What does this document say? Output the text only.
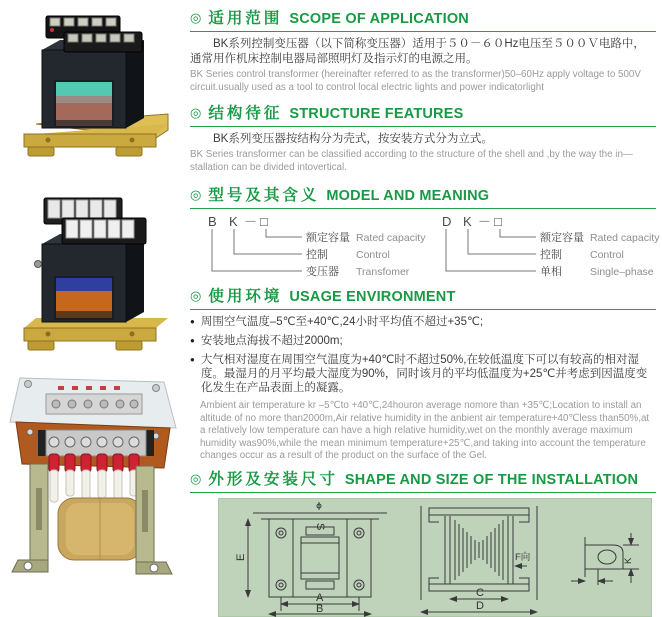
◎ 适用范围 SCOPE OF APPLICATION

BK系列控制变压器（以下简称变压器）适用于５０－６０Hz电压至５００Ｖ电路中，通常用作机床控制电器局部照明灯及指示灯的电源之用。

BK Series control transformer (hereinafter referred to as the transformer)50–60Hz apply voltage to 500V circuit.usually used as a tool to control local electric lights and power indicatorlight

◎ 结构待征 STRUCTURE FEATURES

BK系列变压器按结构分为壳式，按安装方式分为立式。

BK Series transformer can be classified according to the structure of the shell and ,by the way the in—stallation can be divided intovertical.

◎ 型号及其含义 MODEL AND MEANING
B K － □
额定容量 Rated capacity
控制	Control
变压器 Transfomer
D K － □
额定容量 Rated capacity
控制	Control
单相	Single–phase
◎ 使用环境 USAGE ENVIRONMENT
● 周围空气温度–5℃至+40℃,24小时平均值不超过+35℃;
● 安装地点海拔不超过2000m;
● 大气相对湿度在周围空气温度为+40℃时不超过50%,在较低温度下可以有较高的相对湿度。最湿月的月平均最大湿度为90%，同时该月的平均低温度为+25℃并考虑到因温度变化发生在产品表面上的凝露。

Ambient air temperature kr –5℃to +40℃,24houron average nomore than +35℃;Location to install an altitude of no more than2000m,Air relative humidity in the anbient air temperature+40℃less than50%,at a relatively low temperature can have a high relative humidity,wet on the monthly average maximum humidity was90%,while the mean minimum temperature+25℃,and taking into account the temperature changes occur as a result of the product on the surface of the Gel.

◎ 外形及安装尺寸 SHAPE AND SIZE OF THE INSTALLATION
E
S
A
B
C
D
F向	K
